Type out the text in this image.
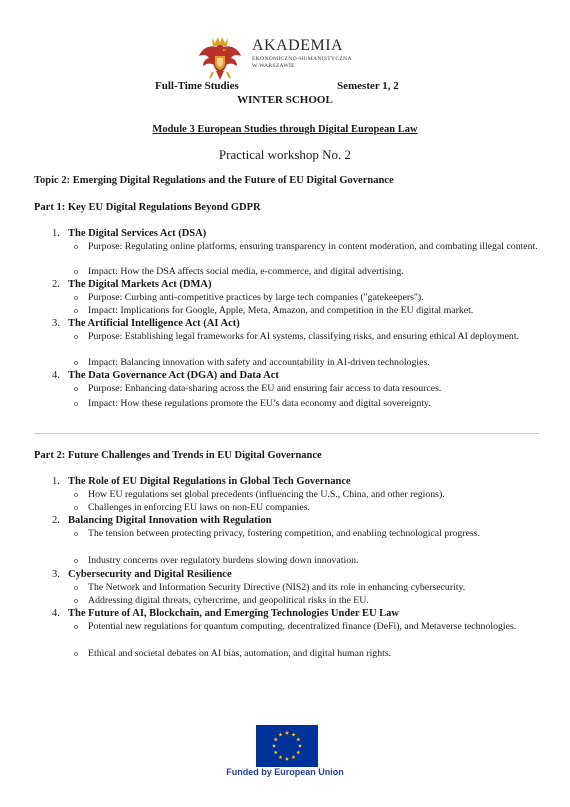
AKADEMIA
EKONOMICZNO-HUMANISTYCZNA
W WARSZAWIE
Full-Time Studies	Semester 1, 2
WINTER SCHOOL
Module 3 European Studies through Digital European Law
Practical workshop No. 2
Topic 2: Emerging Digital Regulations and the Future of EU Digital Governance
Part 1: Key EU Digital Regulations Beyond GDPR
1. The Digital Services Act (DSA)
o Purpose: Regulating online platforms, ensuring transparency in content moderation, and combating illegal content.
o Impact: How the DSA affects social media, e-commerce, and digital advertising.
2. The Digital Markets Act (DMA)
o Purpose: Curbing anti-competitive practices by large tech companies ("gatekeepers").
o Impact: Implications for Google, Apple, Meta, Amazon, and competition in the EU digital market.
3. The Artificial Intelligence Act (AI Act)
o Purpose: Establishing legal frameworks for AI systems, classifying risks, and ensuring ethical AI deployment.
o Impact: Balancing innovation with safety and accountability in AI-driven technologies.
4. The Data Governance Act (DGA) and Data Act
o Purpose: Enhancing data-sharing across the EU and ensuring fair access to data resources.
o Impact: How these regulations promote the EU’s data economy and digital sovereignty.
Part 2: Future Challenges and Trends in EU Digital Governance
1. The Role of EU Digital Regulations in Global Tech Governance
o How EU regulations set global precedents (influencing the U.S., China, and other regions).
o Challenges in enforcing EU laws on non-EU companies.
2. Balancing Digital Innovation with Regulation
o The tension between protecting privacy, fostering competition, and enabling technological progress.
o Industry concerns over regulatory burdens slowing down innovation.
3. Cybersecurity and Digital Resilience
o The Network and Information Security Directive (NIS2) and its role in enhancing cybersecurity.
o Addressing digital threats, cybercrime, and geopolitical risks in the EU.
4. The Future of AI, Blockchain, and Emerging Technologies Under EU Law
o Potential new regulations for quantum computing, decentralized finance (DeFi), and Metaverse technologies.
o Ethical and societal debates on AI bias, automation, and digital human rights.
Funded by European Union
